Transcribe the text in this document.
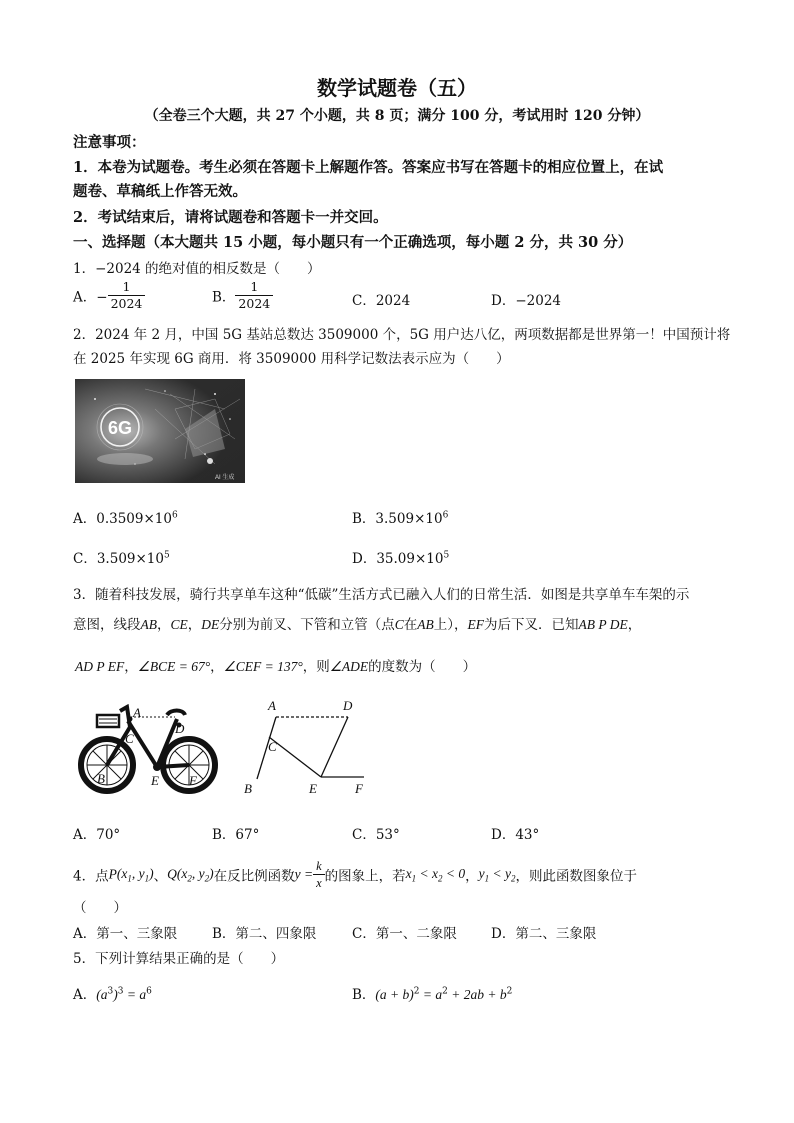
数学试题卷（五）
（全卷三个大题，共 27 个小题，共 8 页；满分 100 分，考试用时 120 分钟）
注意事项：
1．本卷为试题卷。考生必须在答题卡上解题作答。答案应书写在答题卡的相应位置上，在试
题卷、草稿纸上作答无效。
2．考试结束后，请将试题卷和答题卡一并交回。
一、选择题（本大题共 15 小题，每小题只有一个正确选项，每小题 2 分，共 30 分）
1．−2024 的绝对值的相反数是（　　）
A．− $\frac{1}{2024}$	B． $\frac{1}{2024}$	C．2024	D．−2024
2．2024 年 2 月，中国 5G 基站总数达 3509000 个，5G 用户达八亿，两项数据都是世界第一！中国预计将
在 2025 年实现 6G 商用．将 3509000 用科学记数法表示应为（　　）
6G
AI 生成
A．$0.3509\times 10^6$	B．$3.509\times 10^6$
C．$3.509\times 10^5$	D．$35.09\times 10^5$
3．随着科技发展，骑行共享单车这种“低碳”生活方式已融入人们的日常生活．如图是共享单车车架的示
意图，线段AB，CE，DE分别为前叉、下管和立管（点C在AB上），EF为后下叉．已知AB P DE，
AD P EF，∠BCE = 67°，∠CEF = 137°，则∠ADE的度数为（　　）
A
B
C
D
E F
A	D
C
B	E	F
A．70°	B．67°	C．53°	D．43°
4．点$P(x_1$, $y_1$)、$Q(x_2$, $y_2$)在反比例函数$y = \frac{k}{x}$ 的图象上，若$x_1 < x_2 < 0$，$y_1 < y_2$，则此函数图象位于
（　　）
A．第一、三象限	B．第二、四象限	C．第一、二象限	D．第二、三象限
5．下列计算结果正确的是（　　）
A．$(a^3)^3 = a^6$	B．$(a + b)^2 = a^2 + 2ab + b^2$
